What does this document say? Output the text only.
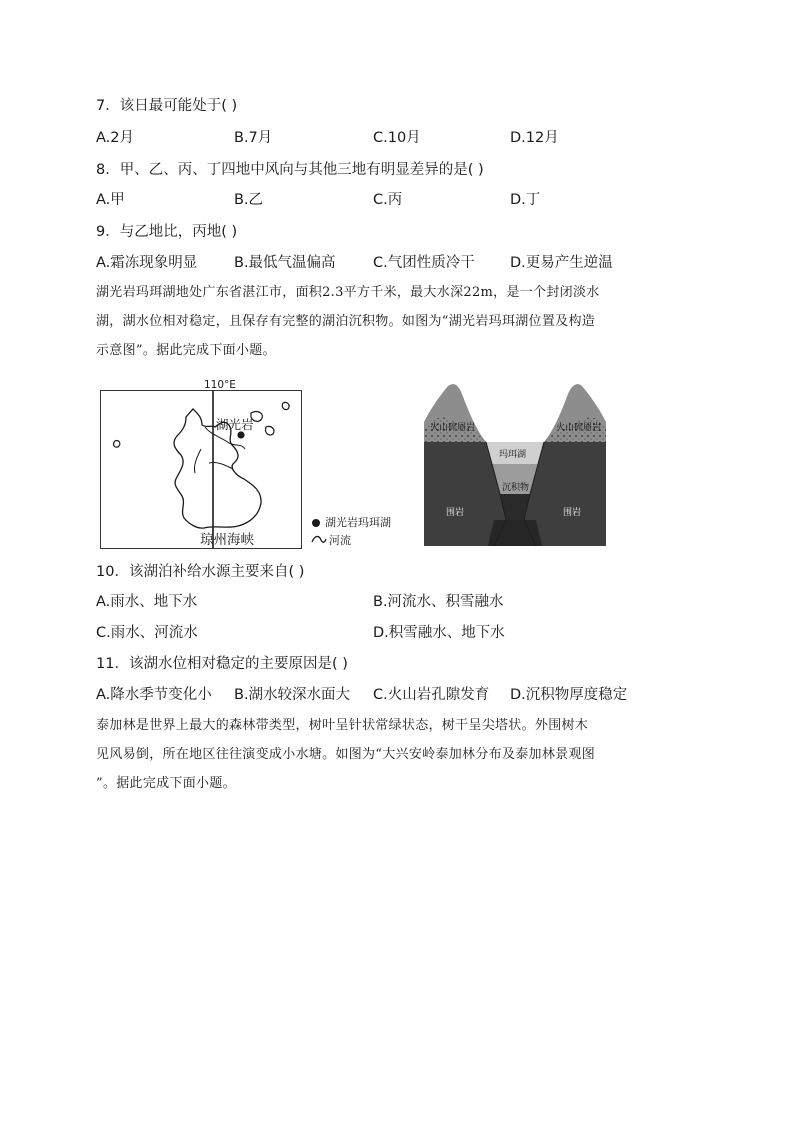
7．该日最可能处于( )
A.2月	B.7月	C.10月	D.12月
8．甲、乙、丙、丁四地中风向与其他三地有明显差异的是( )
A.甲	B.乙	C.丙	D.丁
9．与乙地比，丙地( )
A.霜冻现象明显	B.最低气温偏高	C.气团性质冷干 D.更易产生逆温
湖光岩玛珥湖地处广东省湛江市，面积2.3平方千米，最大水深22m，是一个封闭淡水
湖，湖水位相对稳定，且保存有完整的湖泊沉积物。如图为“湖光岩玛珥湖位置及构造
示意图”。据此完成下面小题。
110°E
湖光岩
琼州海峡
湖光岩玛珥湖
河流
火山碎屑岩	火山碎屑岩
玛珥湖
沉积物
围岩	围岩
10．该湖泊补给水源主要来自( )
A.雨水、地下水	B.河流水、积雪融水
C.雨水、河流水	D.积雪融水、地下水
11．该湖水位相对稳定的主要原因是( )
A.降水季节变化小 B.湖水较深水面大 C.火山岩孔隙发育 D.沉积物厚度稳定
泰加林是世界上最大的森林带类型，树叶呈针状常绿状态，树干呈尖塔状。外围树木
见风易倒，所在地区往往演变成小水塘。如图为“大兴安岭泰加林分布及泰加林景观图
”。据此完成下面小题。
